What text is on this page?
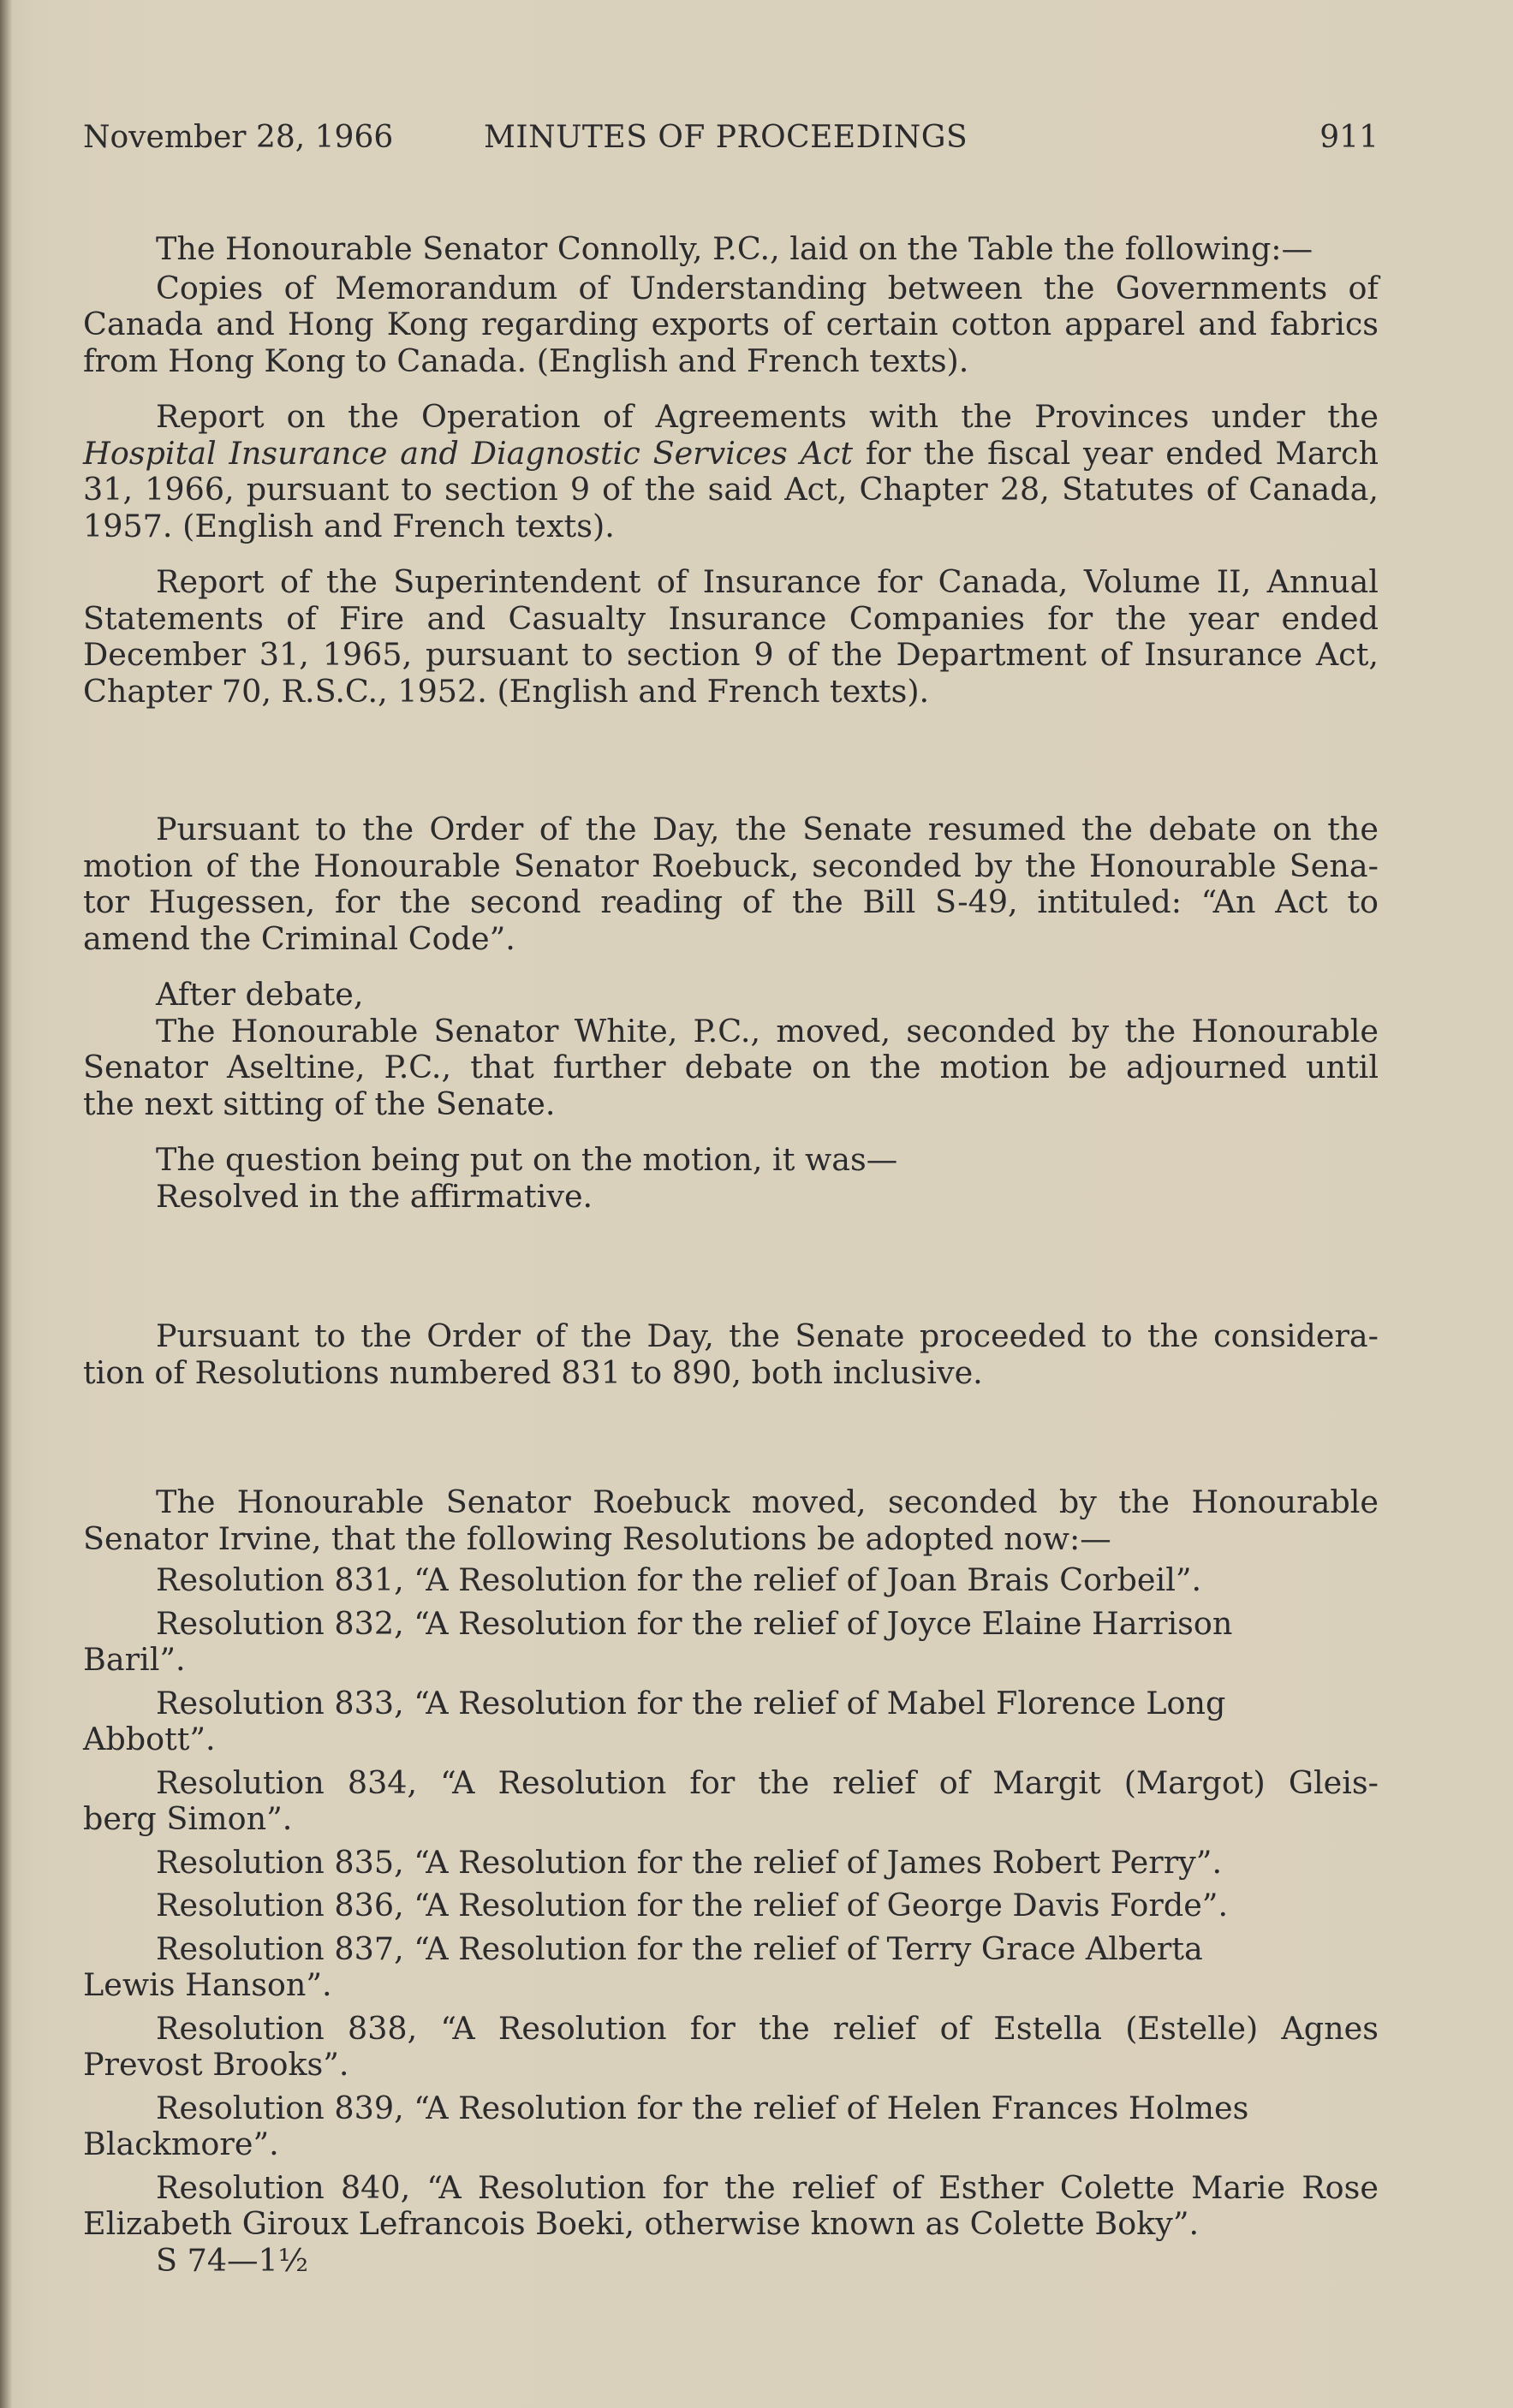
November 28, 1966	MINUTES OF PROCEEDINGS	911
The Honourable Senator Connolly, P.C., laid on the Table the following:—
Copies of Memorandum of Understanding between the Governments of
Canada and Hong Kong regarding exports of certain cotton apparel and fabrics
from Hong Kong to Canada. (English and French texts).
Report on the Operation of Agreements with the Provinces under the
Hospital Insurance and Diagnostic Services Act for the fiscal year ended March
31, 1966, pursuant to section 9 of the said Act, Chapter 28, Statutes of Canada,
1957. (English and French texts).
Report of the Superintendent of Insurance for Canada, Volume II, Annual
Statements of Fire and Casualty Insurance Companies for the year ended
December 31, 1965, pursuant to section 9 of the Department of Insurance Act,
Chapter 70, R.S.C., 1952. (English and French texts).
Pursuant to the Order of the Day, the Senate resumed the debate on the
motion of the Honourable Senator Roebuck, seconded by the Honourable Sena-
tor Hugessen, for the second reading of the Bill S-49, intituled: “An Act to
amend the Criminal Code”.
After debate,
The Honourable Senator White, P.C., moved, seconded by the Honourable
Senator Aseltine, P.C., that further debate on the motion be adjourned until
the next sitting of the Senate.
The question being put on the motion, it was—
Resolved in the affirmative.
Pursuant to the Order of the Day, the Senate proceeded to the considera-
tion of Resolutions numbered 831 to 890, both inclusive.
The Honourable Senator Roebuck moved, seconded by the Honourable
Senator Irvine, that the following Resolutions be adopted now:—
Resolution 831, “A Resolution for the relief of Joan Brais Corbeil”.
Resolution 832, “A Resolution for the relief of Joyce Elaine Harrison
Baril”.
Resolution 833, “A Resolution for the relief of Mabel Florence Long
Abbott”.
Resolution 834, “A Resolution for the relief of Margit (Margot) Gleis-
berg Simon”.
Resolution 835, “A Resolution for the relief of James Robert Perry”.
Resolution 836, “A Resolution for the relief of George Davis Forde”.
Resolution 837, “A Resolution for the relief of Terry Grace Alberta
Lewis Hanson”.
Resolution 838, “A Resolution for the relief of Estella (Estelle) Agnes
Prevost Brooks”.
Resolution 839, “A Resolution for the relief of Helen Frances Holmes
Blackmore”.
Resolution 840, “A Resolution for the relief of Esther Colette Marie Rose
Elizabeth Giroux Lefrancois Boeki, otherwise known as Colette Boky”.
S 74—1½
